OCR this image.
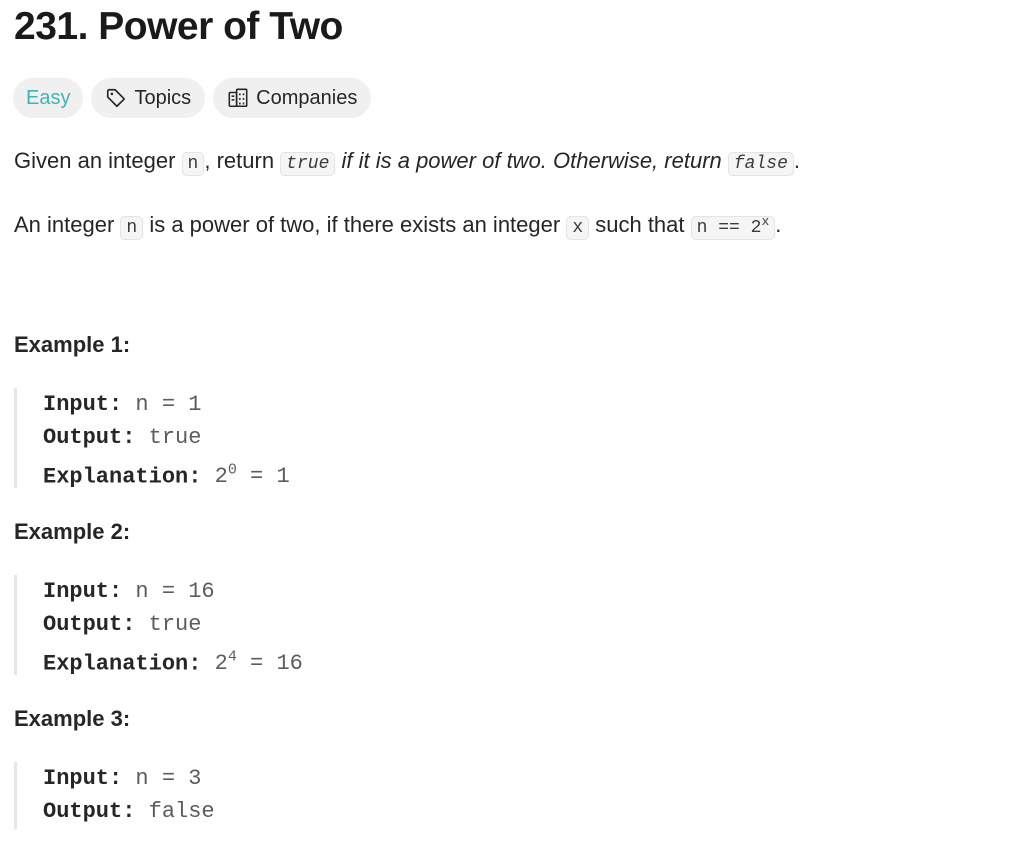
231. Power of Two
Easy	Topics	Companies

Given an integer n , return true if it is a power of two. Otherwise, return false .

An integer n is a power of two, if there exists an integer x such that $n == 2^x$ .

Example 1:

Input: n = 1
Output: true
Explanation: $2^0 = 1$

Example 2:

Input: n = 16
Output: true
Explanation: $2^4 = 16$

Example 3:

Input: n = 3
Output: false
